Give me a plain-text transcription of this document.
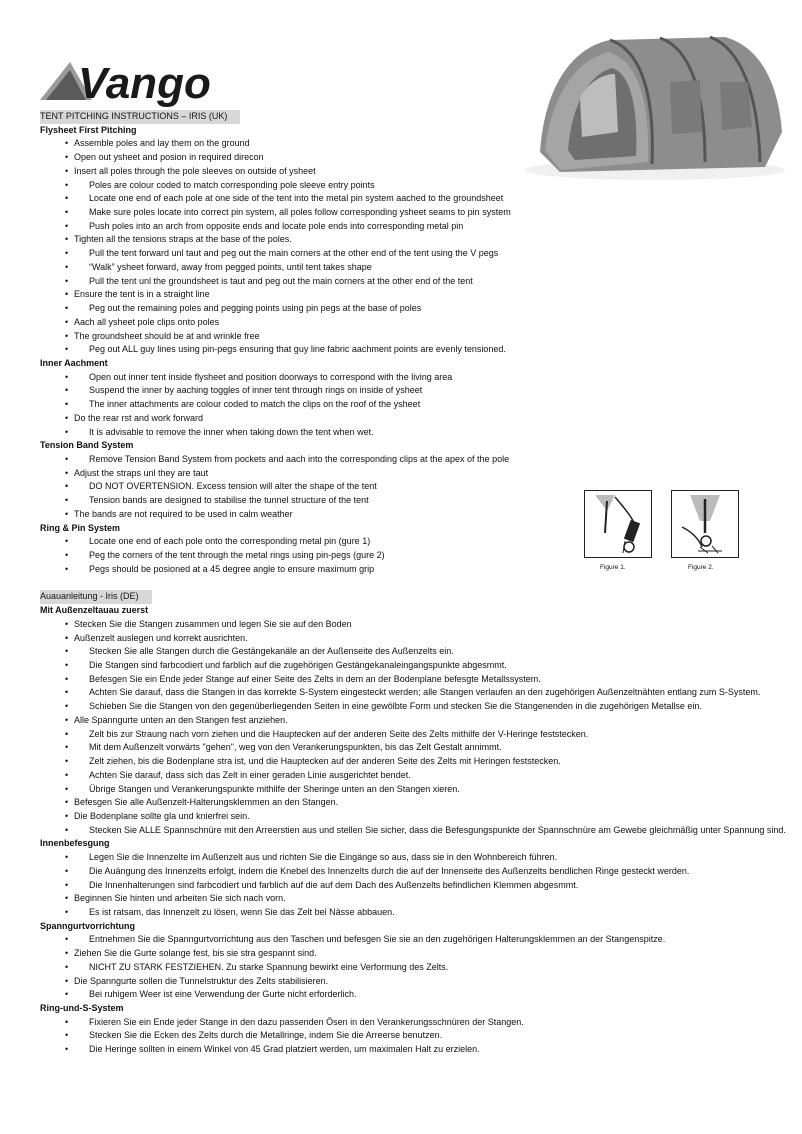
Vango
Figure 1.	Figure 2.

TENT PITCHING INSTRUCTIONS – IRIS (UK)

Flysheet First Pitching

• Assemble poles and lay them on the ground

• Open out ysheet and posion in required direcon

• Insert all poles through the pole sleeves on outside of ysheet

• Poles are colour coded to match corresponding pole sleeve entry points

• Locate one end of each pole at one side of the tent into the metal pin system aached to the groundsheet

• Make sure poles locate into correct pin system, all poles follow corresponding ysheet seams to pin system

• Push poles into an arch from opposite ends and locate pole ends into corresponding metal pin

• Tighten all the tensions straps at the base of the poles.

• Pull the tent forward unl taut and peg out the main corners at the other end of the tent using the V pegs

• “Walk” ysheet forward, away from pegged points, until tent takes shape

• Pull the tent unl the groundsheet is taut and peg out the main corners at the other end of the tent

• Ensure the tent is in a straight line

• Peg out the remaining poles and pegging points using pin pegs at the base of poles

• Aach all ysheet pole clips onto poles

• The groundsheet should be at and wrinkle free

• Peg out ALL guy lines using pin-pegs ensuring that guy line fabric aachment points are evenly tensioned.

Inner Aachment

• Open out inner tent inside flysheet and position doorways to correspond with the living area

• Suspend the inner by aaching toggles of inner tent through rings on inside of ysheet

• The inner attachments are colour coded to match the clips on the roof of the ysheet

• Do the rear rst and work forward

• It is advisable to remove the inner when taking down the tent when wet.

Tension Band System

• Remove Tension Band System from pockets and aach into the corresponding clips at the apex of the pole

• Adjust the straps unl they are taut

• DO NOT OVERTENSION. Excess tension will alter the shape of the tent

• Tension bands are designed to stabilise the tunnel structure of the tent

• The bands are not required to be used in calm weather

Ring & Pin System

• Locate one end of each pole onto the corresponding metal pin (gure 1)

• Peg the corners of the tent through the metal rings using pin-pegs (gure 2)

• Pegs should be posioned at a 45 degree angle to ensure maximum grip

Auauanleitung - Iris (DE)

Mit Außenzeltauau zuerst

• Stecken Sie die Stangen zusammen und legen Sie sie auf den Boden

• Außenzelt auslegen und korrekt ausrichten.

• Stecken Sie alle Stangen durch die Gestängekanäle an der Außenseite des Außenzelts ein.

• Die Stangen sind farbcodiert und farblich auf die zugehörigen Gestängekanaleingangspunkte abgesmmt.

• Befesgen Sie ein Ende jeder Stange auf einer Seite des Zelts in dem an der Bodenplane befesgte Metallssystem.

• Achten Sie darauf, dass die Stangen in das korrekte S-System eingesteckt werden; alle Stangen verlaufen an den zugehörigen Außenzeltnähten entlang zum S-System.

• Schieben Sie die Stangen von den gegenüberliegenden Seiten in eine gewölbte Form und stecken Sie die Stangenenden in die zugehörigen Metallse ein.

• Alle Spanngurte unten an den Stangen fest anziehen.

• Zelt bis zur Straung nach vorn ziehen und die Hauptecken auf der anderen Seite des Zelts mithilfe der V-Heringe feststecken.

• Mit dem Außenzelt vorwärts "gehen", weg von den Verankerungspunkten, bis das Zelt Gestalt annimmt.

• Zelt ziehen, bis die Bodenplane stra ist, und die Hauptecken auf der anderen Seite des Zelts mit Heringen feststecken.

• Achten Sie darauf, dass sich das Zelt in einer geraden Linie ausgerichtet bendet.

• Übrige Stangen und Verankerungspunkte mithilfe der Sheringe unten an den Stangen xieren.

• Befesgen Sie alle Außenzelt-Halterungsklemmen an den Stangen.

• Die Bodenplane sollte gla und knierfrei sein.

• Stecken Sie ALLE Spannschnüre mit den Arreerstien aus und stellen Sie sicher, dass die Befesgungspunkte der Spannschnüre am Gewebe gleichmäßig unter Spannung sind.

Innenbefesgung

• Legen Sie die Innenzelte im Außenzelt aus und richten Sie die Eingänge so aus, dass sie in den Wohnbereich führen.

• Die Auängung des Innenzelts erfolgt, indem die Knebel des Innenzelts durch die auf der Innenseite des Außenzelts bendlichen Ringe gesteckt werden.

• Die Innenhalterungen sind farbcodiert und farblich auf die auf dem Dach des Außenzelts befindlichen Klemmen abgesmmt.

• Beginnen Sie hinten und arbeiten Sie sich nach vorn.

• Es ist ratsam, das Innenzelt zu lösen, wenn Sie das Zelt bei Nässe abbauen.

Spanngurtvorrichtung

• Entnehmen Sie die Spanngurtvorrichtung aus den Taschen und befesgen Sie sie an den zugehörigen Halterungsklemmen an der Stangenspitze.

• Ziehen Sie die Gurte solange fest, bis sie stra gespannt sind.

• NICHT ZU STARK FESTZIEHEN. Zu starke Spannung bewirkt eine Verformung des Zelts.

• Die Spanngurte sollen die Tunnelstruktur des Zelts stabilisieren.

• Bei ruhigem Weer ist eine Verwendung der Gurte nicht erforderlich.

Ring-und-S-System

• Fixieren Sie ein Ende jeder Stange in den dazu passenden Ösen in den Verankerungsschnüren der Stangen.

• Stecken Sie die Ecken des Zelts durch die Metallringe, indem Sie die Arreerse benutzen.

• Die Heringe sollten in einem Winkel von 45 Grad platziert werden, um maximalen Halt zu erzielen.
